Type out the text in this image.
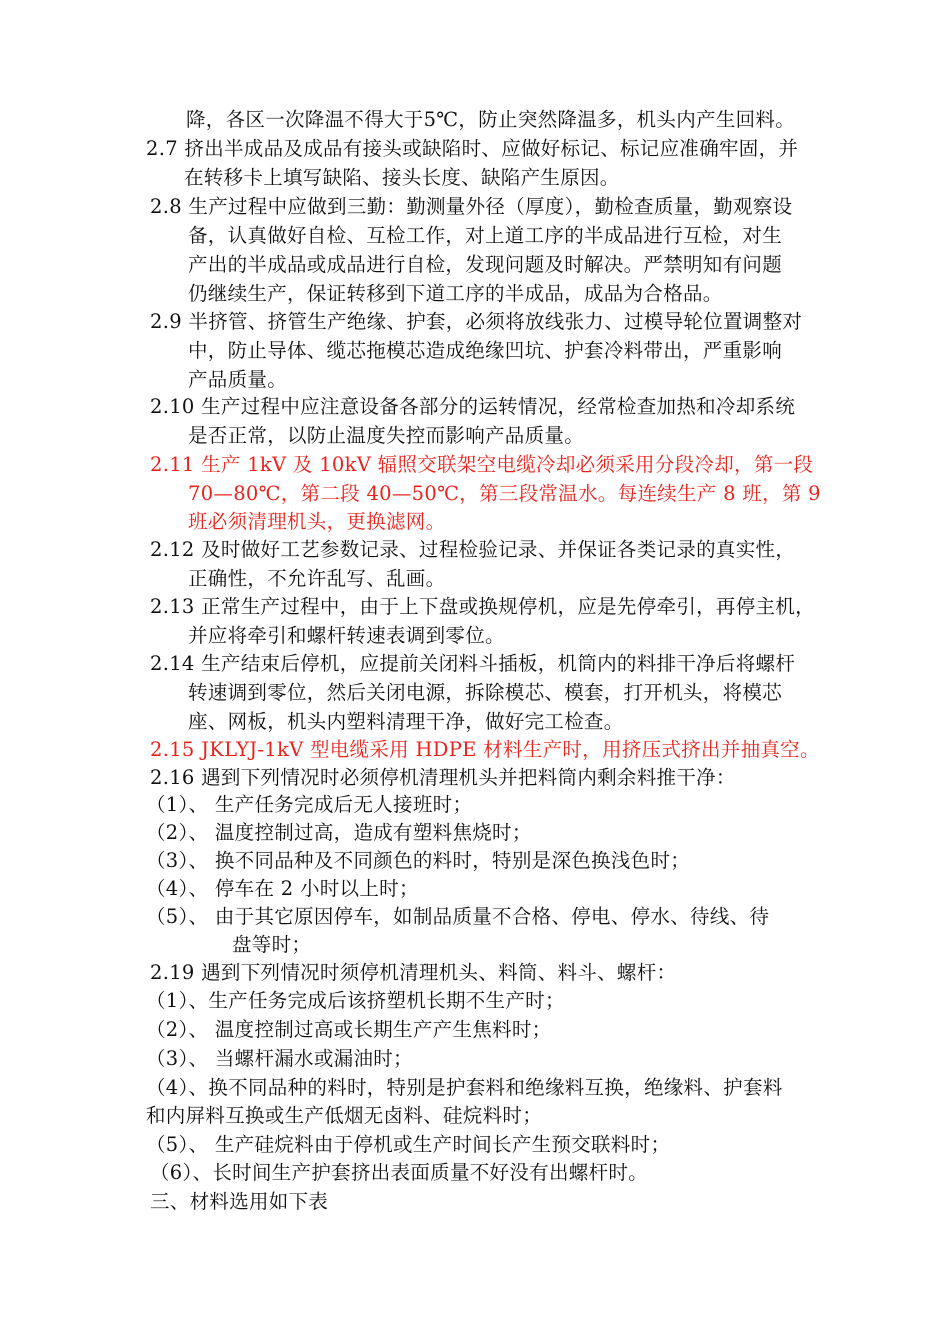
降，各区一次降温不得大于5℃，防止突然降温多，机头内产生回料。
2.7 挤出半成品及成品有接头或缺陷时、应做好标记、标记应准确牢固，并
在转移卡上填写缺陷、接头长度、缺陷产生原因。
2.8 生产过程中应做到三勤：勤测量外径（厚度），勤检查质量，勤观察设
备，认真做好自检、互检工作，对上道工序的半成品进行互检，对生
产出的半成品或成品进行自检，发现问题及时解决。严禁明知有问题
仍继续生产，保证转移到下道工序的半成品，成品为合格品。
2.9 半挤管、挤管生产绝缘、护套，必须将放线张力、过模导轮位置调整对
中，防止导体、缆芯拖模芯造成绝缘凹坑、护套冷料带出，严重影响
产品质量。
2.10 生产过程中应注意设备各部分的运转情况，经常检查加热和冷却系统
是否正常，以防止温度失控而影响产品质量。
2.11 生产 1kV 及 10kV 辐照交联架空电缆冷却必须采用分段冷却，第一段
70—80℃，第二段 40—50℃，第三段常温水。每连续生产 8 班，第 9
班必须清理机头，更换滤网。
2.12 及时做好工艺参数记录、过程检验记录、并保证各类记录的真实性，
正确性，不允许乱写、乱画。
2.13 正常生产过程中，由于上下盘或换规停机，应是先停牵引，再停主机，
并应将牵引和螺杆转速表调到零位。
2.14 生产结束后停机，应提前关闭料斗插板，机筒内的料排干净后将螺杆
转速调到零位，然后关闭电源，拆除模芯、模套，打开机头，将模芯
座、网板，机头内塑料清理干净，做好完工检查。
2.15 JKLYJ-1kV 型电缆采用 HDPE 材料生产时，用挤压式挤出并抽真空。
2.16 遇到下列情况时必须停机清理机头并把料筒内剩余料推干净：
（1）、 生产任务完成后无人接班时；
（2）、 温度控制过高，造成有塑料焦烧时；
（3）、 换不同品种及不同颜色的料时，特别是深色换浅色时；
（4）、 停车在 2 小时以上时；
（5）、 由于其它原因停车，如制品质量不合格、停电、停水、待线、待
盘等时；
2.19 遇到下列情况时须停机清理机头、料筒、料斗、螺杆：
（1）、生产任务完成后该挤塑机长期不生产时；
（2）、 温度控制过高或长期生产产生焦料时；
（3）、 当螺杆漏水或漏油时；
（4）、换不同品种的料时，特别是护套料和绝缘料互换，绝缘料、护套料
和内屏料互换或生产低烟无卤料、硅烷料时；
（5）、 生产硅烷料由于停机或生产时间长产生预交联料时；
（6）、长时间生产护套挤出表面质量不好没有出螺杆时。
三、材料选用如下表
